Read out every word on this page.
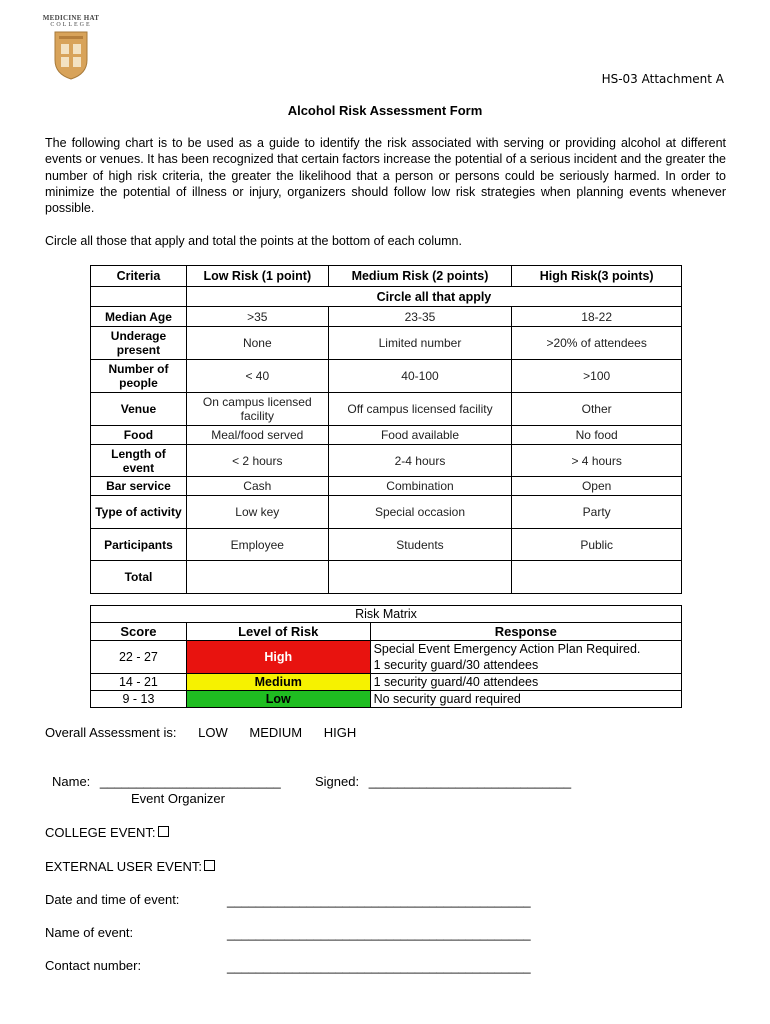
MEDICINE HAT
COLLEGE
HS-03 Attachment A
Alcohol Risk Assessment Form
The following chart is to be used as a guide to identify the risk associated with serving or providing alcohol at different events or venues. It has been recognized that certain factors increase the potential of a serious incident and the greater the number of high risk criteria, the greater the likelihood that a person or persons could be seriously harmed. In order to minimize the potential of illness or injury, organizers should follow low risk strategies when planning events whenever possible.
Circle all those that apply and total the points at the bottom of each column.
Criteria	Low Risk (1 point)	Medium Risk (2 points)	High Risk(3 points)
	Circle all that apply		
Median Age	>35	23-35	18-22
Underage present	None	Limited number	>20% of attendees
Number of people	< 40	40-100	>100
Venue	On campus licensed facility	Off campus licensed facility	Other
Food	Meal/food served	Food available	No food
Length of event	< 2 hours	2-4 hours	> 4 hours
Bar service	Cash	Combination	Open
Type of activity	Low key	Special occasion	Party
Participants	Employee	Students	Public
Total			
Risk Matrix		
Score	Level of Risk	Response
22 - 27	High	Special Event Emergency Action Plan Required.
1 security guard/30 attendees

14 - 21	Medium	1 security guard/40 attendees
9 - 13	Low	No security guard required
Overall Assessment is: LOW MEDIUM HIGH
Name: _________________________
Event Organizer
Signed: ____________________________
COLLEGE EVENT:
EXTERNAL USER EVENT:
Date and time of event:	__________________________________________
Name of event:	__________________________________________
Contact number:	__________________________________________
